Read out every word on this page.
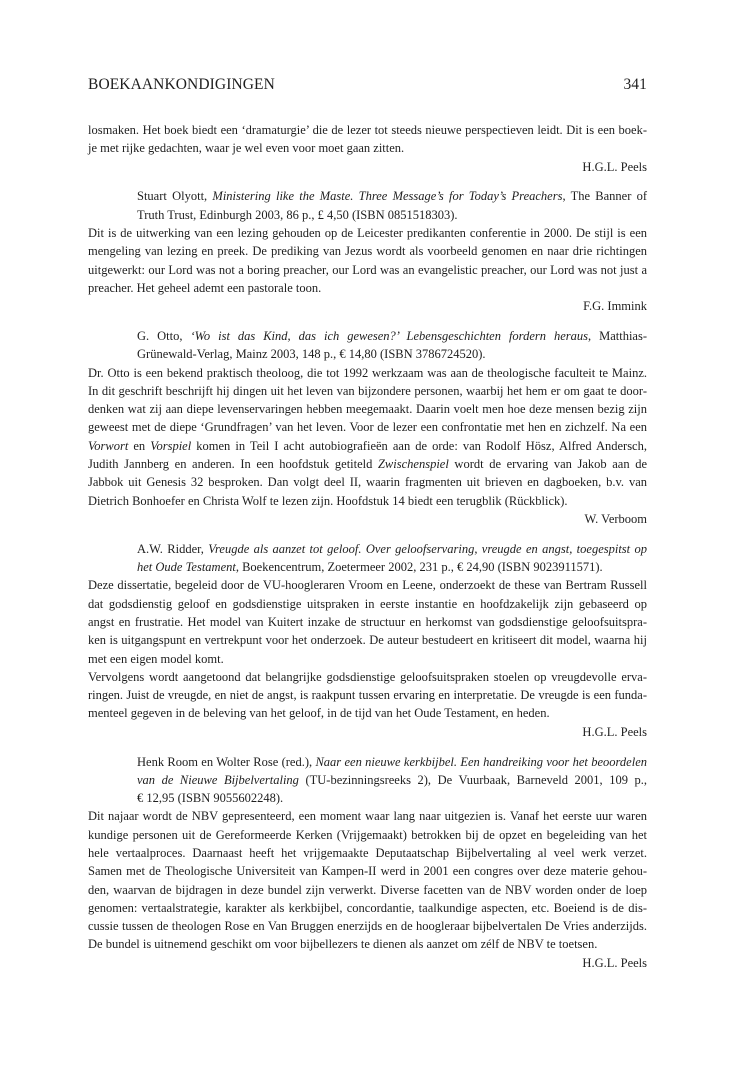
BOEKAANKONDIGINGEN	341
losmaken. Het boek biedt een ‘dramaturgie’ die de lezer tot steeds nieuwe perspectieven leidt. Dit is een boek-
je met rijke gedachten, waar je wel even voor moet gaan zitten.
H.G.L. Peels
Stuart Olyott, Ministering like the Maste. Three Message’s for Today’s Preachers, The Banner of
Truth Trust, Edinburgh 2003, 86 p., £ 4,50 (ISBN 0851518303).
Dit is de uitwerking van een lezing gehouden op de Leicester predikanten conferentie in 2000. De stijl is een
mengeling van lezing en preek. De prediking van Jezus wordt als voorbeeld genomen en naar drie richtingen
uitgewerkt: our Lord was not a boring preacher, our Lord was an evangelistic preacher, our Lord was not just a
preacher. Het geheel ademt een pastorale toon.
F.G. Immink
G. Otto, ‘Wo ist das Kind, das ich gewesen?’ Lebensgeschichten fordern heraus, Matthias-
Grünewald-Verlag, Mainz 2003, 148 p., € 14,80 (ISBN 3786724520).
Dr. Otto is een bekend praktisch theoloog, die tot 1992 werkzaam was aan de theologische faculteit te Mainz.
In dit geschrift beschrijft hij dingen uit het leven van bijzondere personen, waarbij het hem er om gaat te door-
denken wat zij aan diepe levenservaringen hebben meegemaakt. Daarin voelt men hoe deze mensen bezig zijn
geweest met de diepe ‘Grundfragen’ van het leven. Voor de lezer een confrontatie met hen en zichzelf. Na een
Vorwort en Vorspiel komen in Teil I acht autobiografieën aan de orde: van Rodolf Hösz, Alfred Andersch,
Judith Jannberg en anderen. In een hoofdstuk getiteld Zwischenspiel wordt de ervaring van Jakob aan de
Jabbok uit Genesis 32 besproken. Dan volgt deel II, waarin fragmenten uit brieven en dagboeken, b.v. van
Dietrich Bonhoefer en Christa Wolf te lezen zijn. Hoofdstuk 14 biedt een terugblik (Rückblick).
W. Verboom
A.W. Ridder, Vreugde als aanzet tot geloof. Over geloofservaring, vreugde en angst, toegespitst op
het Oude Testament, Boekencentrum, Zoetermeer 2002, 231 p., € 24,90 (ISBN 9023911571).
Deze dissertatie, begeleid door de VU-hoogleraren Vroom en Leene, onderzoekt de these van Bertram Russell
dat godsdienstig geloof en godsdienstige uitspraken in eerste instantie en hoofdzakelijk zijn gebaseerd op
angst en frustratie. Het model van Kuitert inzake de structuur en herkomst van godsdienstige geloofsuitspra-
ken is uitgangspunt en vertrekpunt voor het onderzoek. De auteur bestudeert en kritiseert dit model, waarna hij
met een eigen model komt.
Vervolgens wordt aangetoond dat belangrijke godsdienstige geloofsuitspraken stoelen op vreugdevolle erva-
ringen. Juist de vreugde, en niet de angst, is raakpunt tussen ervaring en interpretatie. De vreugde is een funda-
menteel gegeven in de beleving van het geloof, in de tijd van het Oude Testament, en heden.
H.G.L. Peels
Henk Room en Wolter Rose (red.), Naar een nieuwe kerkbijbel. Een handreiking voor het beoordelen
van de Nieuwe Bijbelvertaling (TU-bezinningsreeks 2), De Vuurbaak, Barneveld 2001, 109 p.,
€ 12,95 (ISBN 9055602248).
Dit najaar wordt de NBV gepresenteerd, een moment waar lang naar uitgezien is. Vanaf het eerste uur waren
kundige personen uit de Gereformeerde Kerken (Vrijgemaakt) betrokken bij de opzet en begeleiding van het
hele vertaalproces. Daarnaast heeft het vrijgemaakte Deputaatschap Bijbelvertaling al veel werk verzet.
Samen met de Theologische Universiteit van Kampen-II werd in 2001 een congres over deze materie gehou-
den, waarvan de bijdragen in deze bundel zijn verwerkt. Diverse facetten van de NBV worden onder de loep
genomen: vertaalstrategie, karakter als kerkbijbel, concordantie, taalkundige aspecten, etc. Boeiend is de dis-
cussie tussen de theologen Rose en Van Bruggen enerzijds en de hoogleraar bijbelvertalen De Vries anderzijds.
De bundel is uitnemend geschikt om voor bijbellezers te dienen als aanzet om zélf de NBV te toetsen.
H.G.L. Peels
